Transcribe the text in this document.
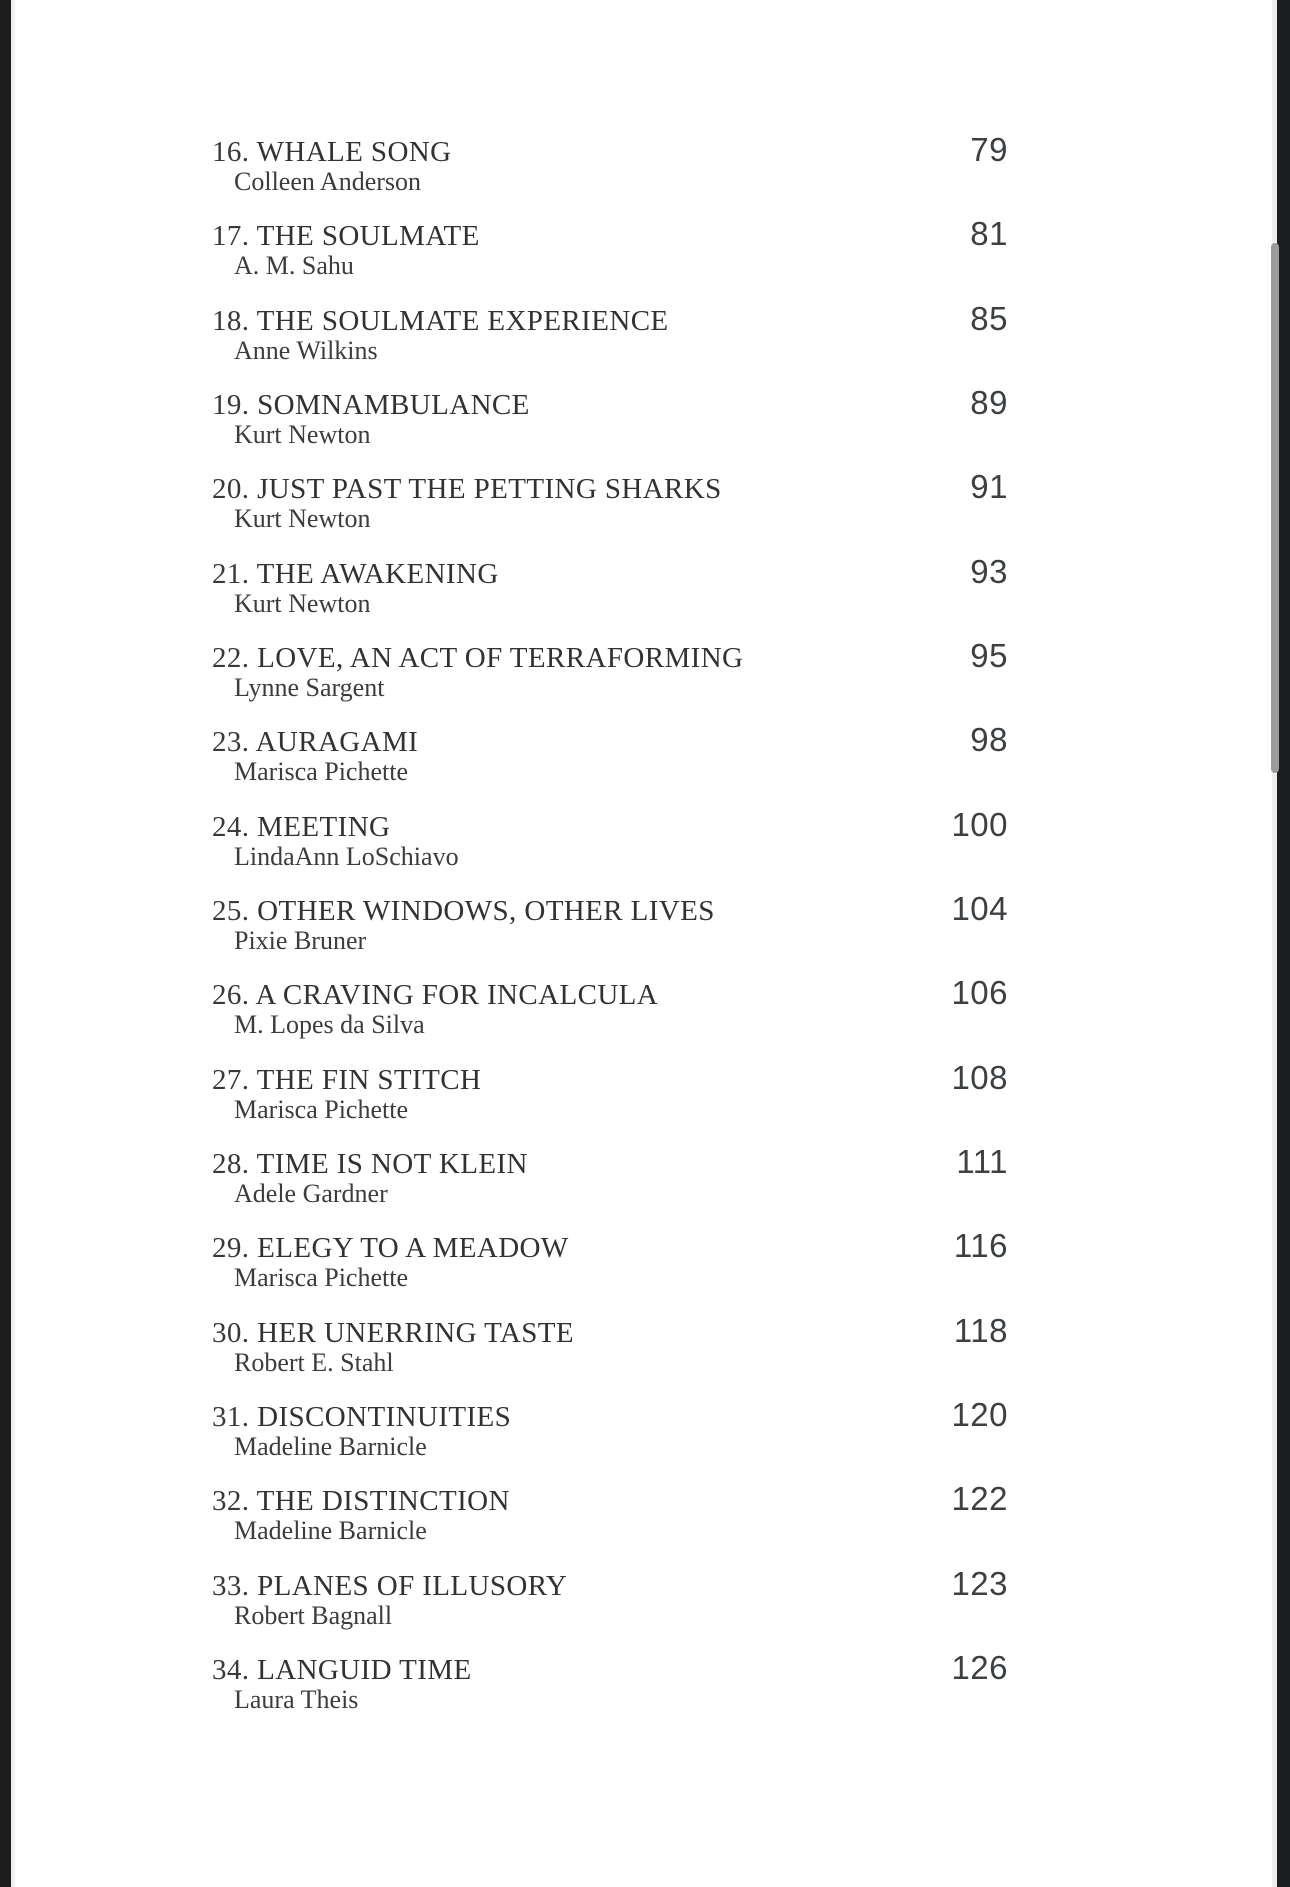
16. WHALE SONG
Colleen Anderson
79
17. THE SOULMATE
A. M. Sahu
81
18. THE SOULMATE EXPERIENCE
Anne Wilkins
85
19. SOMNAMBULANCE
Kurt Newton
89
20. JUST PAST THE PETTING SHARKS
Kurt Newton
91
21. THE AWAKENING
Kurt Newton
93
22. LOVE, AN ACT OF TERRAFORMING
Lynne Sargent
95
23. AURAGAMI
Marisca Pichette
98
24. MEETING
LindaAnn LoSchiavo
100
25. OTHER WINDOWS, OTHER LIVES
Pixie Bruner
104
26. A CRAVING FOR INCALCULA
M. Lopes da Silva
106
27. THE FIN STITCH
Marisca Pichette
108
28. TIME IS NOT KLEIN
Adele Gardner
111
29. ELEGY TO A MEADOW
Marisca Pichette
116
30. HER UNERRING TASTE
Robert E. Stahl
118
31. DISCONTINUITIES
Madeline Barnicle
120
32. THE DISTINCTION
Madeline Barnicle
122
33. PLANES OF ILLUSORY
Robert Bagnall
123
34. LANGUID TIME
Laura Theis
126
